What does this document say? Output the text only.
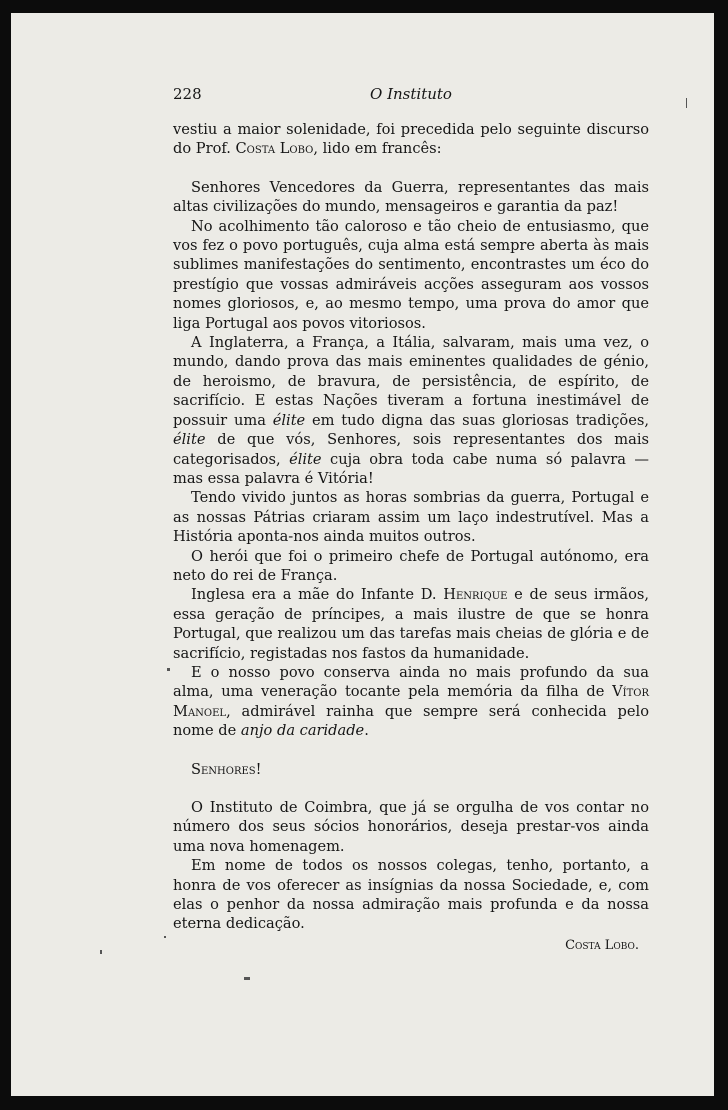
228	O Instituto

vestiu a maior solenidade, foi precedida pelo seguinte discurso do Prof. Costa Lobo, lido em francês:

Senhores Vencedores da Guerra, representantes das mais altas civilizações do mundo, mensageiros e garantia da paz!

No acolhimento tão caloroso e tão cheio de entusiasmo, que vos fez o povo português, cuja alma está sempre aberta às mais sublimes manifestações do sentimento, encontrastes um éco do prestígio que vossas admiráveis acções asseguram aos vossos nomes gloriosos, e, ao mesmo tempo, uma prova do amor que liga Portugal aos povos vitoriosos.

A Inglaterra, a França, a Itália, salvaram, mais uma vez, o mundo, dando prova das mais eminentes qualidades de génio, de heroismo, de bravura, de persistência, de espírito, de sacrifício. E estas Nações tiveram a fortuna inestimável de possuir uma élite em tudo digna das suas gloriosas tradições, élite de que vós, Senhores, sois representantes dos mais categorisados, élite cuja obra toda cabe numa só palavra — mas essa palavra é Vitória!

Tendo vivido juntos as horas sombrias da guerra, Portugal e as nossas Pátrias criaram assim um laço indestrutível. Mas a História aponta-nos ainda muitos outros.

O herói que foi o primeiro chefe de Portugal autónomo, era neto do rei de França.

Inglesa era a mãe do Infante D. Henrique e de seus irmãos, essa geração de príncipes, a mais ilustre de que se honra Portugal, que realizou um das tarefas mais cheias de glória e de sacrifício, registadas nos fastos da humanidade.

E o nosso povo conserva ainda no mais profundo da sua alma, uma veneração tocante pela memória da filha de Vítor Manoel, admirável rainha que sempre será conhecida pelo nome de anjo da caridade.

Senhores!

O Instituto de Coimbra, que já se orgulha de vos contar no número dos seus sócios honorários, deseja prestar-vos ainda uma nova homenagem.

Em nome de todos os nossos colegas, tenho, portanto, a honra de vos oferecer as insígnias da nossa Sociedade, e, com elas o penhor da nossa admiração mais profunda e da nossa eterna dedicação.

Costa Lobo.
